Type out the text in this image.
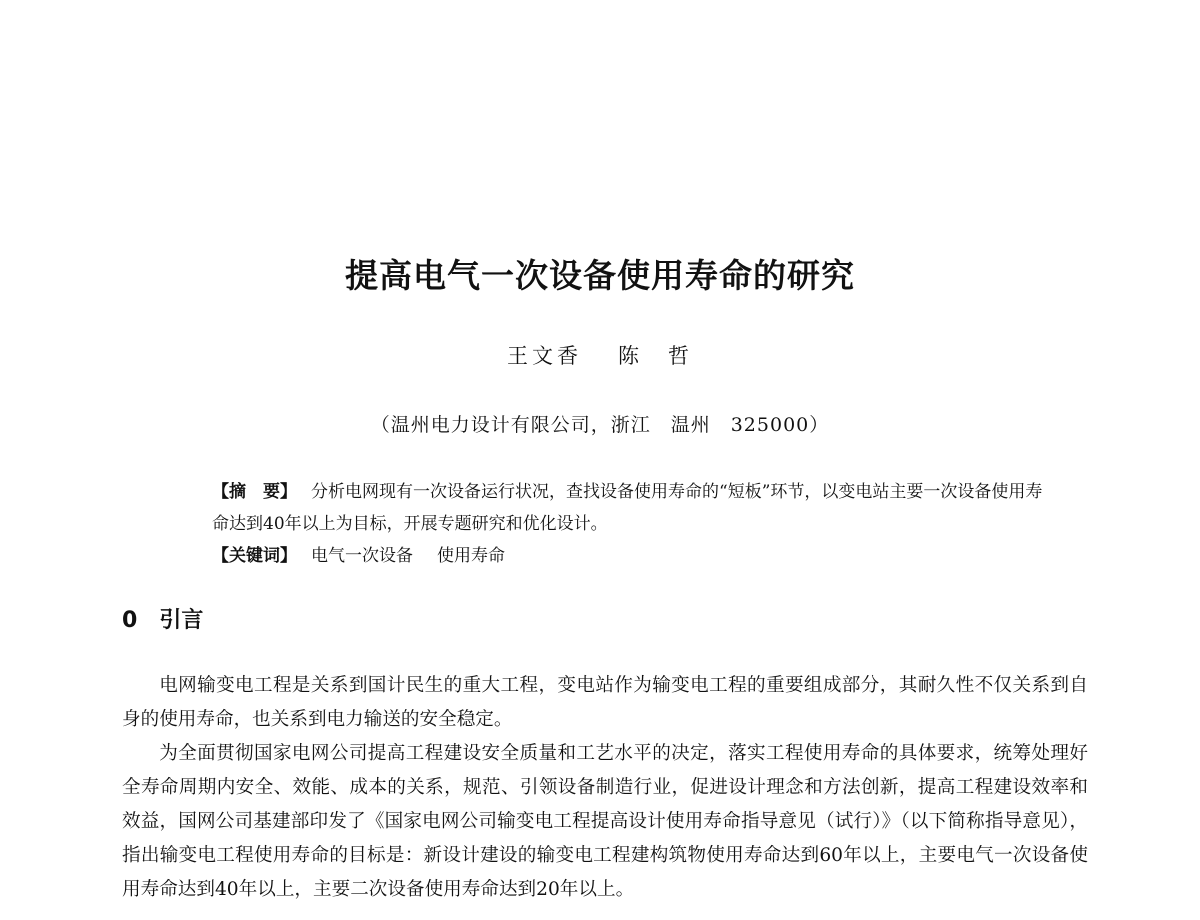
提高电气一次设备使用寿命的研究
王文香 陈　哲
（温州电力设计有限公司，浙江　温州　325000）
【摘　要】 分析电网现有一次设备运行状况，查找设备使用寿命的“短板”环节，以变电站主要一次设备使用寿命达到40年以上为目标，开展专题研究和优化设计。
【关键词】 电气一次设备 使用寿命
0 引言

电网输变电工程是关系到国计民生的重大工程，变电站作为输变电工程的重要组成部分，其耐久性不仅关系到自身的使用寿命，也关系到电力输送的安全稳定。

为全面贯彻国家电网公司提高工程建设安全质量和工艺水平的决定，落实工程使用寿命的具体要求，统筹处理好全寿命周期内安全、效能、成本的关系，规范、引领设备制造行业，促进设计理念和方法创新，提高工程建设效率和效益，国网公司基建部印发了《国家电网公司输变电工程提高设计使用寿命指导意见（试行）》（以下简称指导意见），指出输变电工程使用寿命的目标是：新设计建设的输变电工程建构筑物使用寿命达到60年以上，主要电气一次设备使用寿命达到40年以上，主要二次设备使用寿命达到20年以上。
